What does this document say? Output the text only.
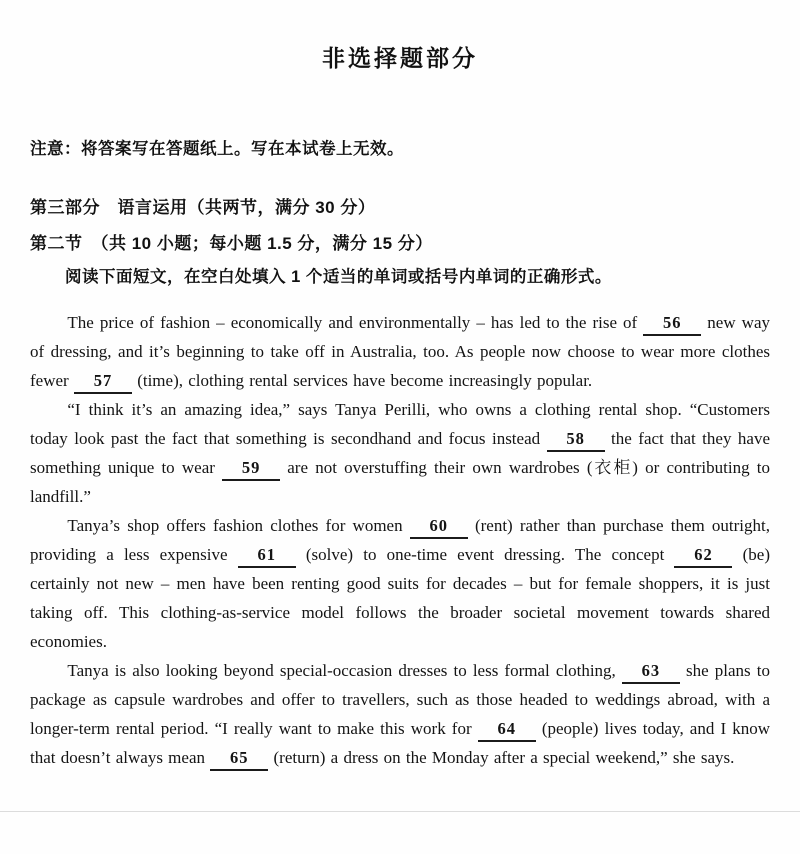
非选择题部分
注意：将答案写在答题纸上。写在本试卷上无效。
第三部分　语言运用（共两节，满分 30 分）
第二节　（共 10 小题；每小题 1.5 分，满分 15 分）
阅读下面短文，在空白处填入 1 个适当的单词或括号内单词的正确形式。

The price of fashion – economically and environmentally – has led to the rise of 56 new way of dressing, and it’s beginning to take off in Australia, too. As people now choose to wear more clothes fewer 57 (time), clothing rental services have become increasingly popular.

“I think it’s an amazing idea,” says Tanya Perilli, who owns a clothing rental shop. “Customers today look past the fact that something is secondhand and focus instead 58 the fact that they have something unique to wear 59 are not overstuffing their own wardrobes (衣柜) or contributing to landfill.”

Tanya’s shop offers fashion clothes for women 60 (rent) rather than purchase them outright, providing a less expensive 61 (solve) to one-time event dressing. The concept 62 (be) certainly not new – men have been renting good suits for decades – but for female shoppers, it is just taking off. This clothing-as-service model follows the broader societal movement towards shared economies.

Tanya is also looking beyond special-occasion dresses to less formal clothing, 63 she plans to package as capsule wardrobes and offer to travellers, such as those headed to weddings abroad, with a longer-term rental period. “I really want to make this work for 64 (people) lives today, and I know that doesn’t always mean 65 (return) a dress on the Monday after a special weekend,” she says.
